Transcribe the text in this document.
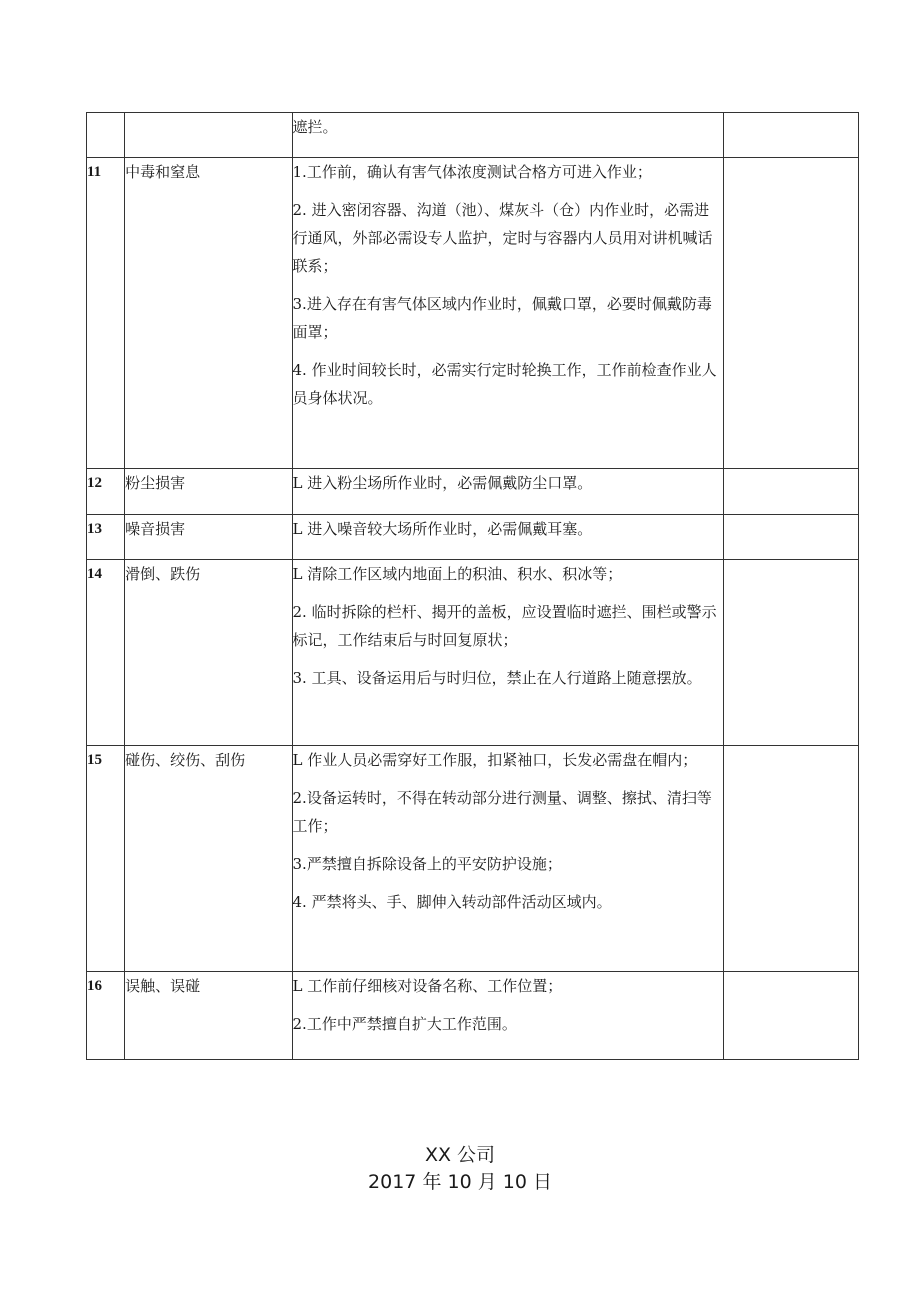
		遮拦。	

11	中毒和窒息	1.工作前，确认有害气体浓度测试合格方可进入作业；
2. 进入密闭容器、沟道（池）、煤灰斗（仓）内作业时，必需进行通风，外部必需设专人监护，定时与容器内人员用对讲机喊话联系；
3.进入存在有害气体区域内作业时，佩戴口罩，必要时佩戴防毒面罩；
4. 作业时间较长时，必需实行定时轮换工作，工作前检查作业人员身体状况。	

12	粉尘损害	L 进入粉尘场所作业时，必需佩戴防尘口罩。	

13	噪音损害	L 进入噪音较大场所作业时，必需佩戴耳塞。	

14	滑倒、跌伤	L 清除工作区域内地面上的积油、积水、积冰等；
2. 临时拆除的栏杆、揭开的盖板，应设置临时遮拦、围栏或警示标记，工作结束后与时回复原状；
3. 工具、设备运用后与时归位，禁止在人行道路上随意摆放。	

15	碰伤、绞伤、刮伤	L 作业人员必需穿好工作服，扣紧袖口，长发必需盘在帽内；
2.设备运转时，不得在转动部分进行测量、调整、擦拭、清扫等工作；
3.严禁擅自拆除设备上的平安防护设施；
4. 严禁将头、手、脚伸入转动部件活动区域内。	

16	误触、误碰	L 工作前仔细核对设备名称、工作位置；
2.工作中严禁擅自扩大工作范围。	

XX 公司
2017 年 10 月 10 日
